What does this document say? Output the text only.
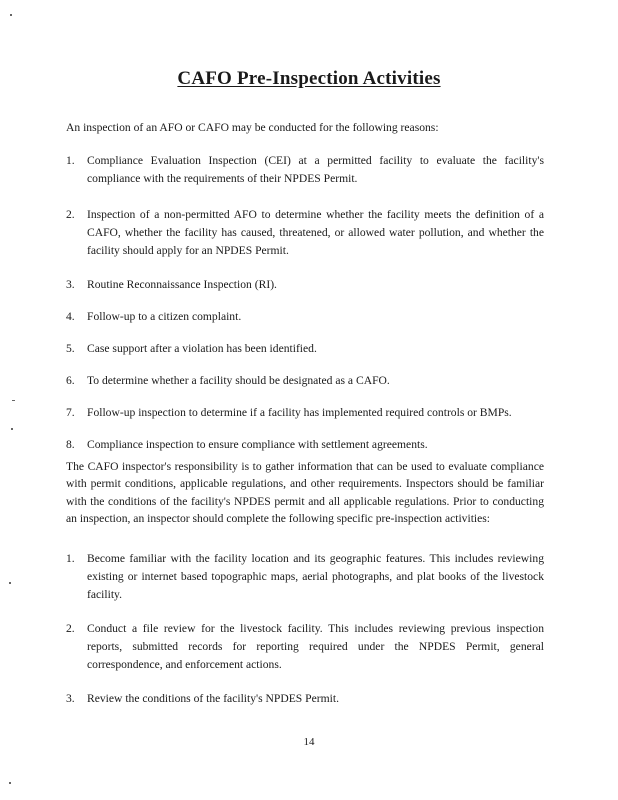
CAFO Pre-Inspection Activities
An inspection of an AFO or CAFO may be conducted for the following reasons:
1. Compliance Evaluation Inspection (CEI) at a permitted facility to evaluate the facility's compliance with the requirements of their NPDES Permit.
2. Inspection of a non-permitted AFO to determine whether the facility meets the definition of a CAFO, whether the facility has caused, threatened, or allowed water pollution, and whether the facility should apply for an NPDES Permit.
3. Routine Reconnaissance Inspection (RI).
4. Follow-up to a citizen complaint.
5. Case support after a violation has been identified.
6. To determine whether a facility should be designated as a CAFO.
7. Follow-up inspection to determine if a facility has implemented required controls or BMPs.
8. Compliance inspection to ensure compliance with settlement agreements.
The CAFO inspector's responsibility is to gather information that can be used to evaluate compliance with permit conditions, applicable regulations, and other requirements. Inspectors should be familiar with the conditions of the facility's NPDES permit and all applicable regulations. Prior to conducting an inspection, an inspector should complete the following specific pre-inspection activities:
1. Become familiar with the facility location and its geographic features. This includes reviewing existing or internet based topographic maps, aerial photographs, and plat books of the livestock facility.
2. Conduct a file review for the livestock facility. This includes reviewing previous inspection reports, submitted records for reporting required under the NPDES Permit, general correspondence, and enforcement actions.
3. Review the conditions of the facility's NPDES Permit.
14
